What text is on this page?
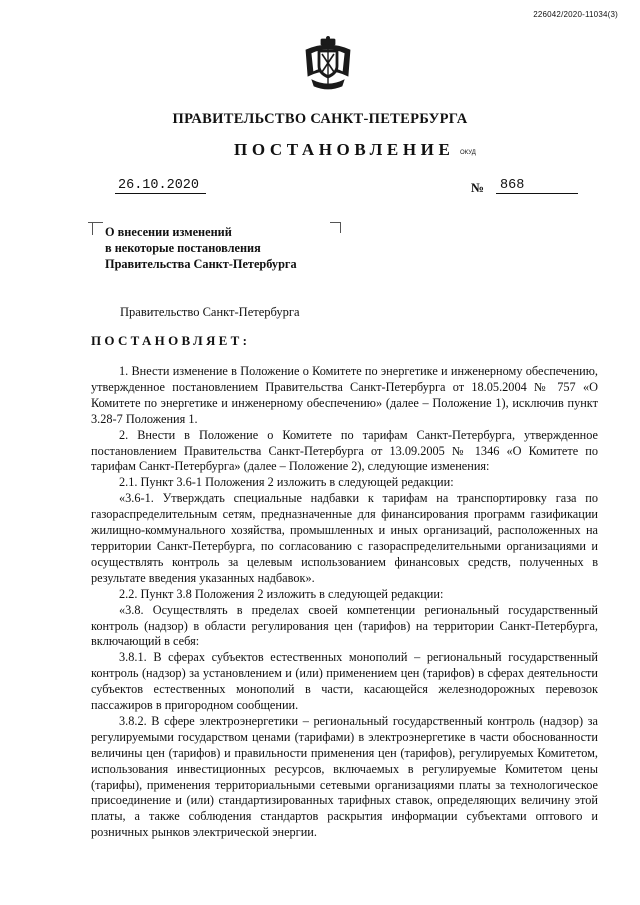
226042/2020-11034(3)
ПРАВИТЕЛЬСТВО САНКТ-ПЕТЕРБУРГА
ПОСТАНОВЛЕНИЕ ОКУД
26.10.2020	№ 868
О внесении изменений
в некоторые постановления
Правительства Санкт-Петербурга
Правительство Санкт-Петербурга
ПОСТАНОВЛЯЕТ:

1. Внести изменение в Положение о Комитете по энергетике и инженерному обеспечению, утвержденное постановлением Правительства Санкт-Петербурга от 18.05.2004 № 757 «О Комитете по энергетике и инженерному обеспечению» (далее – Положение 1), исключив пункт 3.28-7 Положения 1.

2. Внести в Положение о Комитете по тарифам Санкт-Петербурга, утвержденное постановлением Правительства Санкт-Петербурга от 13.09.2005 № 1346 «О Комитете по тарифам Санкт-Петербурга» (далее – Положение 2), следующие изменения:

2.1. Пункт 3.6-1 Положения 2 изложить в следующей редакции:

«3.6-1. Утверждать специальные надбавки к тарифам на транспортировку газа по газораспределительным сетям, предназначенные для финансирования программ газификации жилищно-коммунального хозяйства, промышленных и иных организаций, расположенных на территории Санкт-Петербурга, по согласованию с газораспределительными организациями и осуществлять контроль за целевым использованием финансовых средств, полученных в результате введения указанных надбавок».

2.2. Пункт 3.8 Положения 2 изложить в следующей редакции:

«3.8. Осуществлять в пределах своей компетенции региональный государственный контроль (надзор) в области регулирования цен (тарифов) на территории Санкт-Петербурга, включающий в себя:

3.8.1. В сферах субъектов естественных монополий – региональный государственный контроль (надзор) за установлением и (или) применением цен (тарифов) в сферах деятельности субъектов естественных монополий в части, касающейся железнодорожных перевозок пассажиров в пригородном сообщении.

3.8.2. В сфере электроэнергетики – региональный государственный контроль (надзор) за регулируемыми государством ценами (тарифами) в электроэнергетике в части обоснованности величины цен (тарифов) и правильности применения цен (тарифов), регулируемых Комитетом, использования инвестиционных ресурсов, включаемых в регулируемые Комитетом цены (тарифы), применения территориальными сетевыми организациями платы за технологическое присоединение и (или) стандартизированных тарифных ставок, определяющих величину этой платы, а также соблюдения стандартов раскрытия информации субъектами оптового и розничных рынков электрической энергии.
